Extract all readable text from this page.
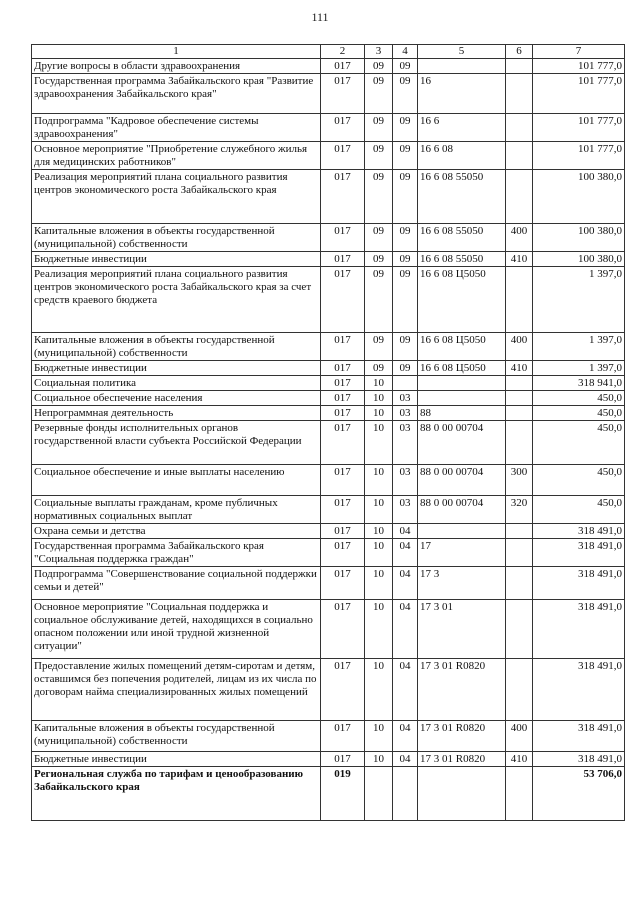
111
1	2	3	4	5	6	7
Другие вопросы в области здравоохранения	017	09	09			101 777,0
Государственная программа Забайкальского края "Развитие здравоохранения Забайкальского края"	017	09	09	16		101 777,0
Подпрограмма "Кадровое обеспечение системы здравоохранения"	017	09	09	16 6		101 777,0
Основное мероприятие "Приобретение служебного жилья для медицинских работников"	017	09	09	16 6 08		101 777,0
Реализация мероприятий плана социального развития центров экономического роста Забайкальского края	017	09	09	16 6 08 55050		100 380,0
Капитальные вложения в объекты государственной (муниципальной) собственности	017	09	09	16 6 08 55050	400	100 380,0
Бюджетные инвестиции	017	09	09	16 6 08 55050	410	100 380,0
Реализация мероприятий плана социального развития центров экономического роста Забайкальского края за счет средств краевого бюджета	017	09	09	16 6 08 Ц5050		1 397,0
Капитальные вложения в объекты государственной (муниципальной) собственности	017	09	09	16 6 08 Ц5050	400	1 397,0
Бюджетные инвестиции	017	09	09	16 6 08 Ц5050	410	1 397,0
Социальная политика	017	10				318 941,0
Социальное обеспечение населения	017	10	03			450,0
Непрограммная деятельность	017	10	03	88		450,0
Резервные фонды исполнительных органов государственной власти субъекта Российской Федерации	017	10	03	88 0 00 00704		450,0
Социальное обеспечение и иные выплаты населению	017	10	03	88 0 00 00704	300	450,0
Социальные выплаты гражданам, кроме публичных нормативных социальных выплат	017	10	03	88 0 00 00704	320	450,0
Охрана семьи и детства	017	10	04			318 491,0
Государственная программа Забайкальского края "Социальная поддержка граждан"	017	10	04	17		318 491,0
Подпрограмма "Совершенствование социальной поддержки семьи и детей"	017	10	04	17 3		318 491,0
Основное мероприятие "Социальная поддержка и социальное обслуживание детей, находящихся в социально опасном положении или иной трудной жизненной ситуации"	017	10	04	17 3 01		318 491,0
Предоставление жилых помещений детям-сиротам и детям, оставшимся без попечения родителей, лицам из их числа по договорам найма специализированных жилых помещений	017	10	04	17 3 01 R0820		318 491,0
Капитальные вложения в объекты государственной (муниципальной) собственности	017	10	04	17 3 01 R0820	400	318 491,0
Бюджетные инвестиции	017	10	04	17 3 01 R0820	410	318 491,0
Региональная служба по тарифам и ценообразованию Забайкальского края	019					53 706,0
